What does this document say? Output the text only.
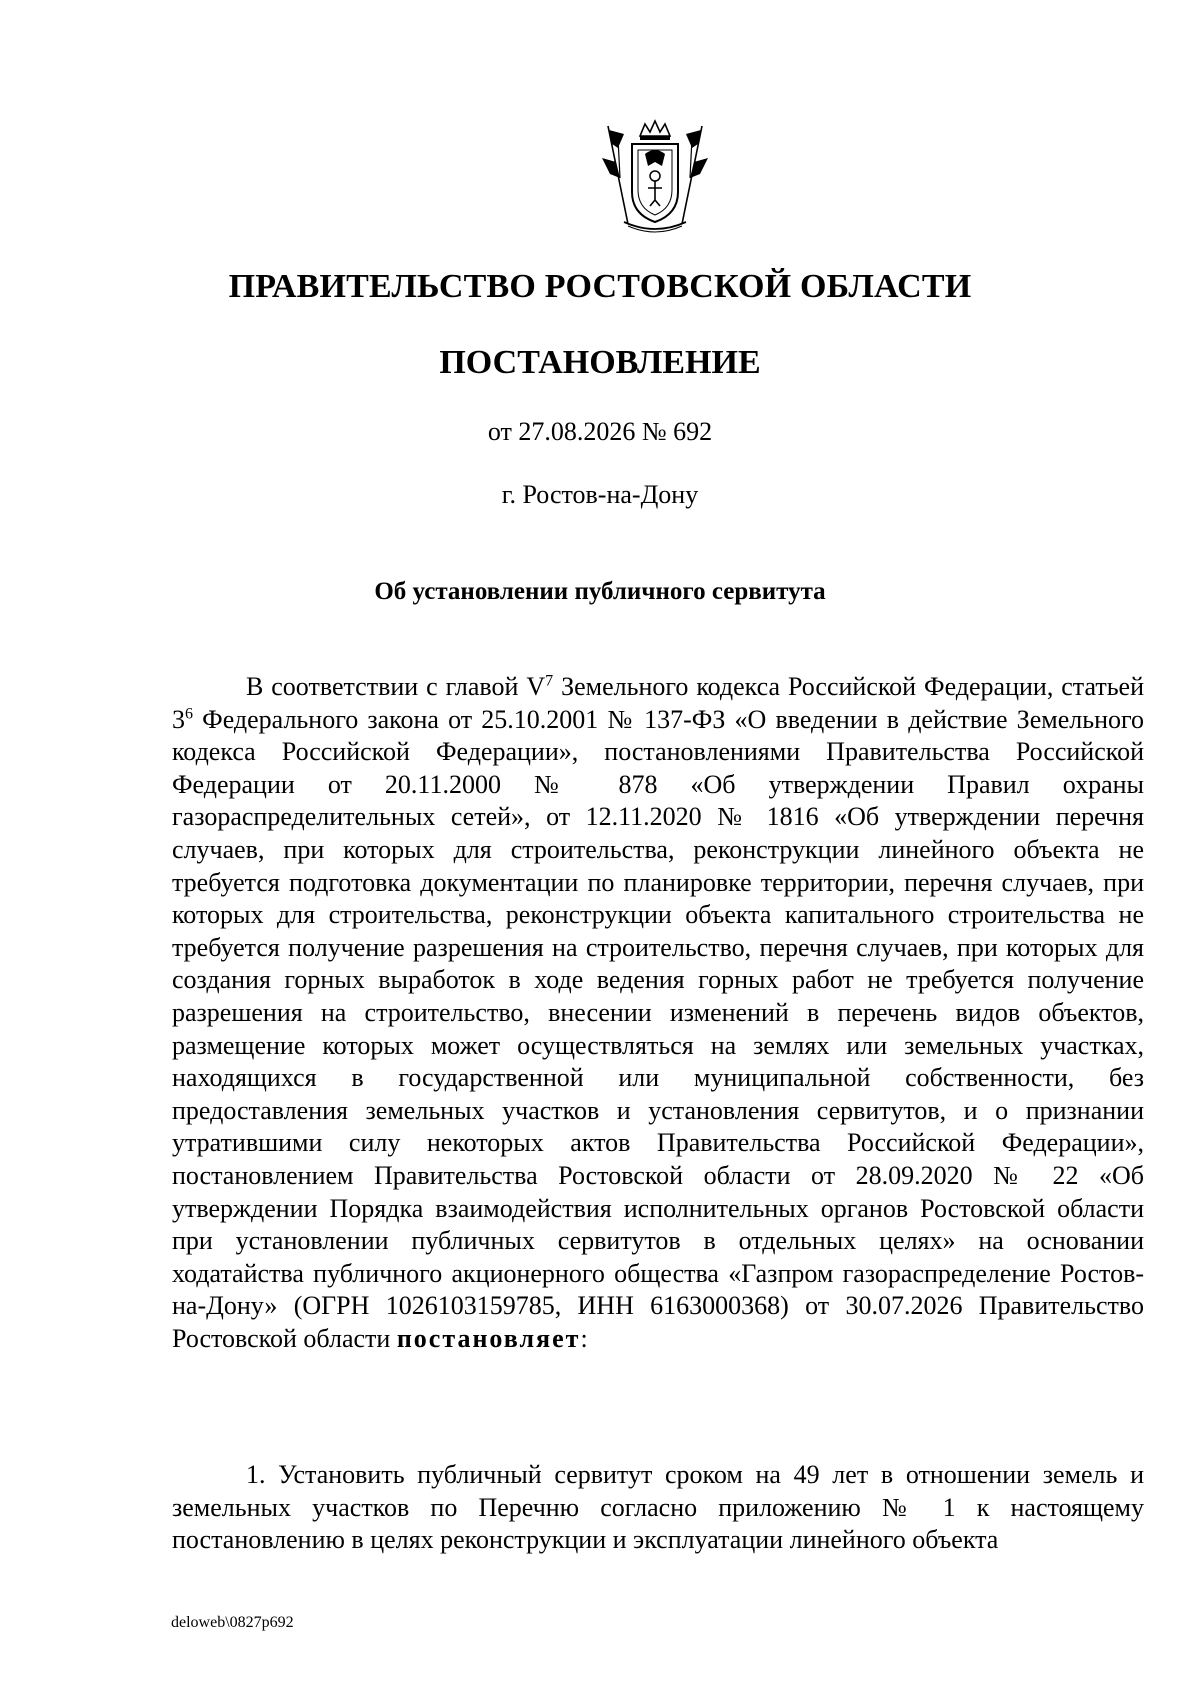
ПРАВИТЕЛЬСТВО РОСТОВСКОЙ ОБЛАСТИ
ПОСТАНОВЛЕНИЕ
от 27.08.2026 № 692
г. Ростов-на-Дону
Об установлении публичного сервитута

В соответствии с главой $V^7$ Земельного кодекса Российской Федерации, статьей $3^6$ Федерального закона от 25.10.2001 № 137-ФЗ «О введении в действие Земельного кодекса Российской Федерации», постановлениями Правительства Российской Федерации от 20.11.2000 № 878 «Об утверждении Правил охраны газораспределительных сетей», от 12.11.2020 № 1816 «Об утверждении перечня случаев, при которых для строительства, реконструкции линейного объекта не требуется подготовка документации по планировке территории, перечня случаев, при которых для строительства, реконструкции объекта капитального строительства не требуется получение разрешения на строительство, перечня случаев, при которых для создания горных выработок в ходе ведения горных работ не требуется получение разрешения на строительство, внесении изменений в перечень видов объектов, размещение которых может осуществляться на землях или земельных участках, находящихся в государственной или муниципальной собственности, без предоставления земельных участков и установления сервитутов, и о признании утратившими силу некоторых актов Правительства Российской Федерации», постановлением Правительства Ростовской области от 28.09.2020 № 22 «Об утверждении Порядка взаимодействия исполнительных органов Ростовской области при установлении публичных сервитутов в отдельных целях» на основании ходатайства публичного акционерного общества «Газпром газораспределение Ростов-на-Дону» (ОГРН 1026103159785, ИНН 6163000368) от 30.07.2026 Правительство Ростовской области постановляет:

1. Установить публичный сервитут сроком на 49 лет в отношении земель и земельных участков по Перечню согласно приложению № 1 к настоящему постановлению в целях реконструкции и эксплуатации линейного объекта

deloweb\0827p692
